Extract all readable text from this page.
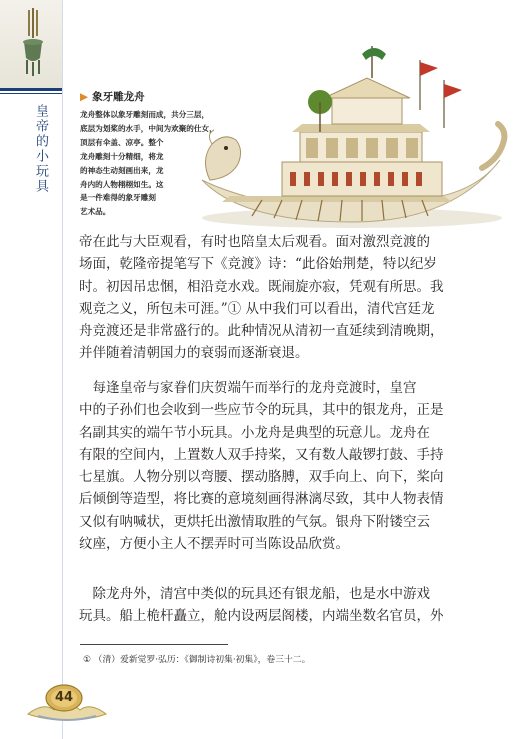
皇帝的小玩具
▶ 象牙雕龙舟
龙舟整体以象牙雕刻而成，共分三层，
底层为划桨的水手，中间为欢聚的仕女，
顶层有伞盖、凉亭。整个
龙舟雕刻十分精细，将龙
的神态生动刻画出来，龙
舟内的人物栩栩如生。这
是一件难得的象牙雕刻
艺术品。
帝在此与大臣观看，有时也陪皇太后观看。面对激烈竞渡的
场面，乾隆帝提笔写下《竞渡》诗：“此俗始荆楚，特以纪岁
时。初因吊忠悃，相沿竞水戏。既闹旋亦寂，凭观有所思。我
观竞之义，所包未可涯。”① 从中我们可以看出，清代宫廷龙
舟竞渡还是非常盛行的。此种情况从清初一直延续到清晚期，
并伴随着清朝国力的衰弱而逐渐衰退。
　每逢皇帝与家眷们庆贺端午而举行的龙舟竞渡时，皇宫
中的子孙们也会收到一些应节令的玩具，其中的银龙舟，正是
名副其实的端午节小玩具。小龙舟是典型的玩意儿。龙舟在
有限的空间内，上置数人双手持桨，又有数人敲锣打鼓、手持
七星旗。人物分别以弯腰、摆动胳膊，双手向上、向下，桨向
后倾倒等造型，将比赛的意境刻画得淋漓尽致，其中人物表情
又似有呐喊状，更烘托出激情取胜的气氛。银舟下附镂空云
纹座，方便小主人不摆弄时可当陈设品欣赏。
　除龙舟外，清宫中类似的玩具还有银龙船，也是水中游戏
玩具。船上桅杆矗立，舱内设两层阁楼，内端坐数名官员，外
① （清）爱新觉罗·弘历：《御制诗初集·初集》，卷三十二。
44
